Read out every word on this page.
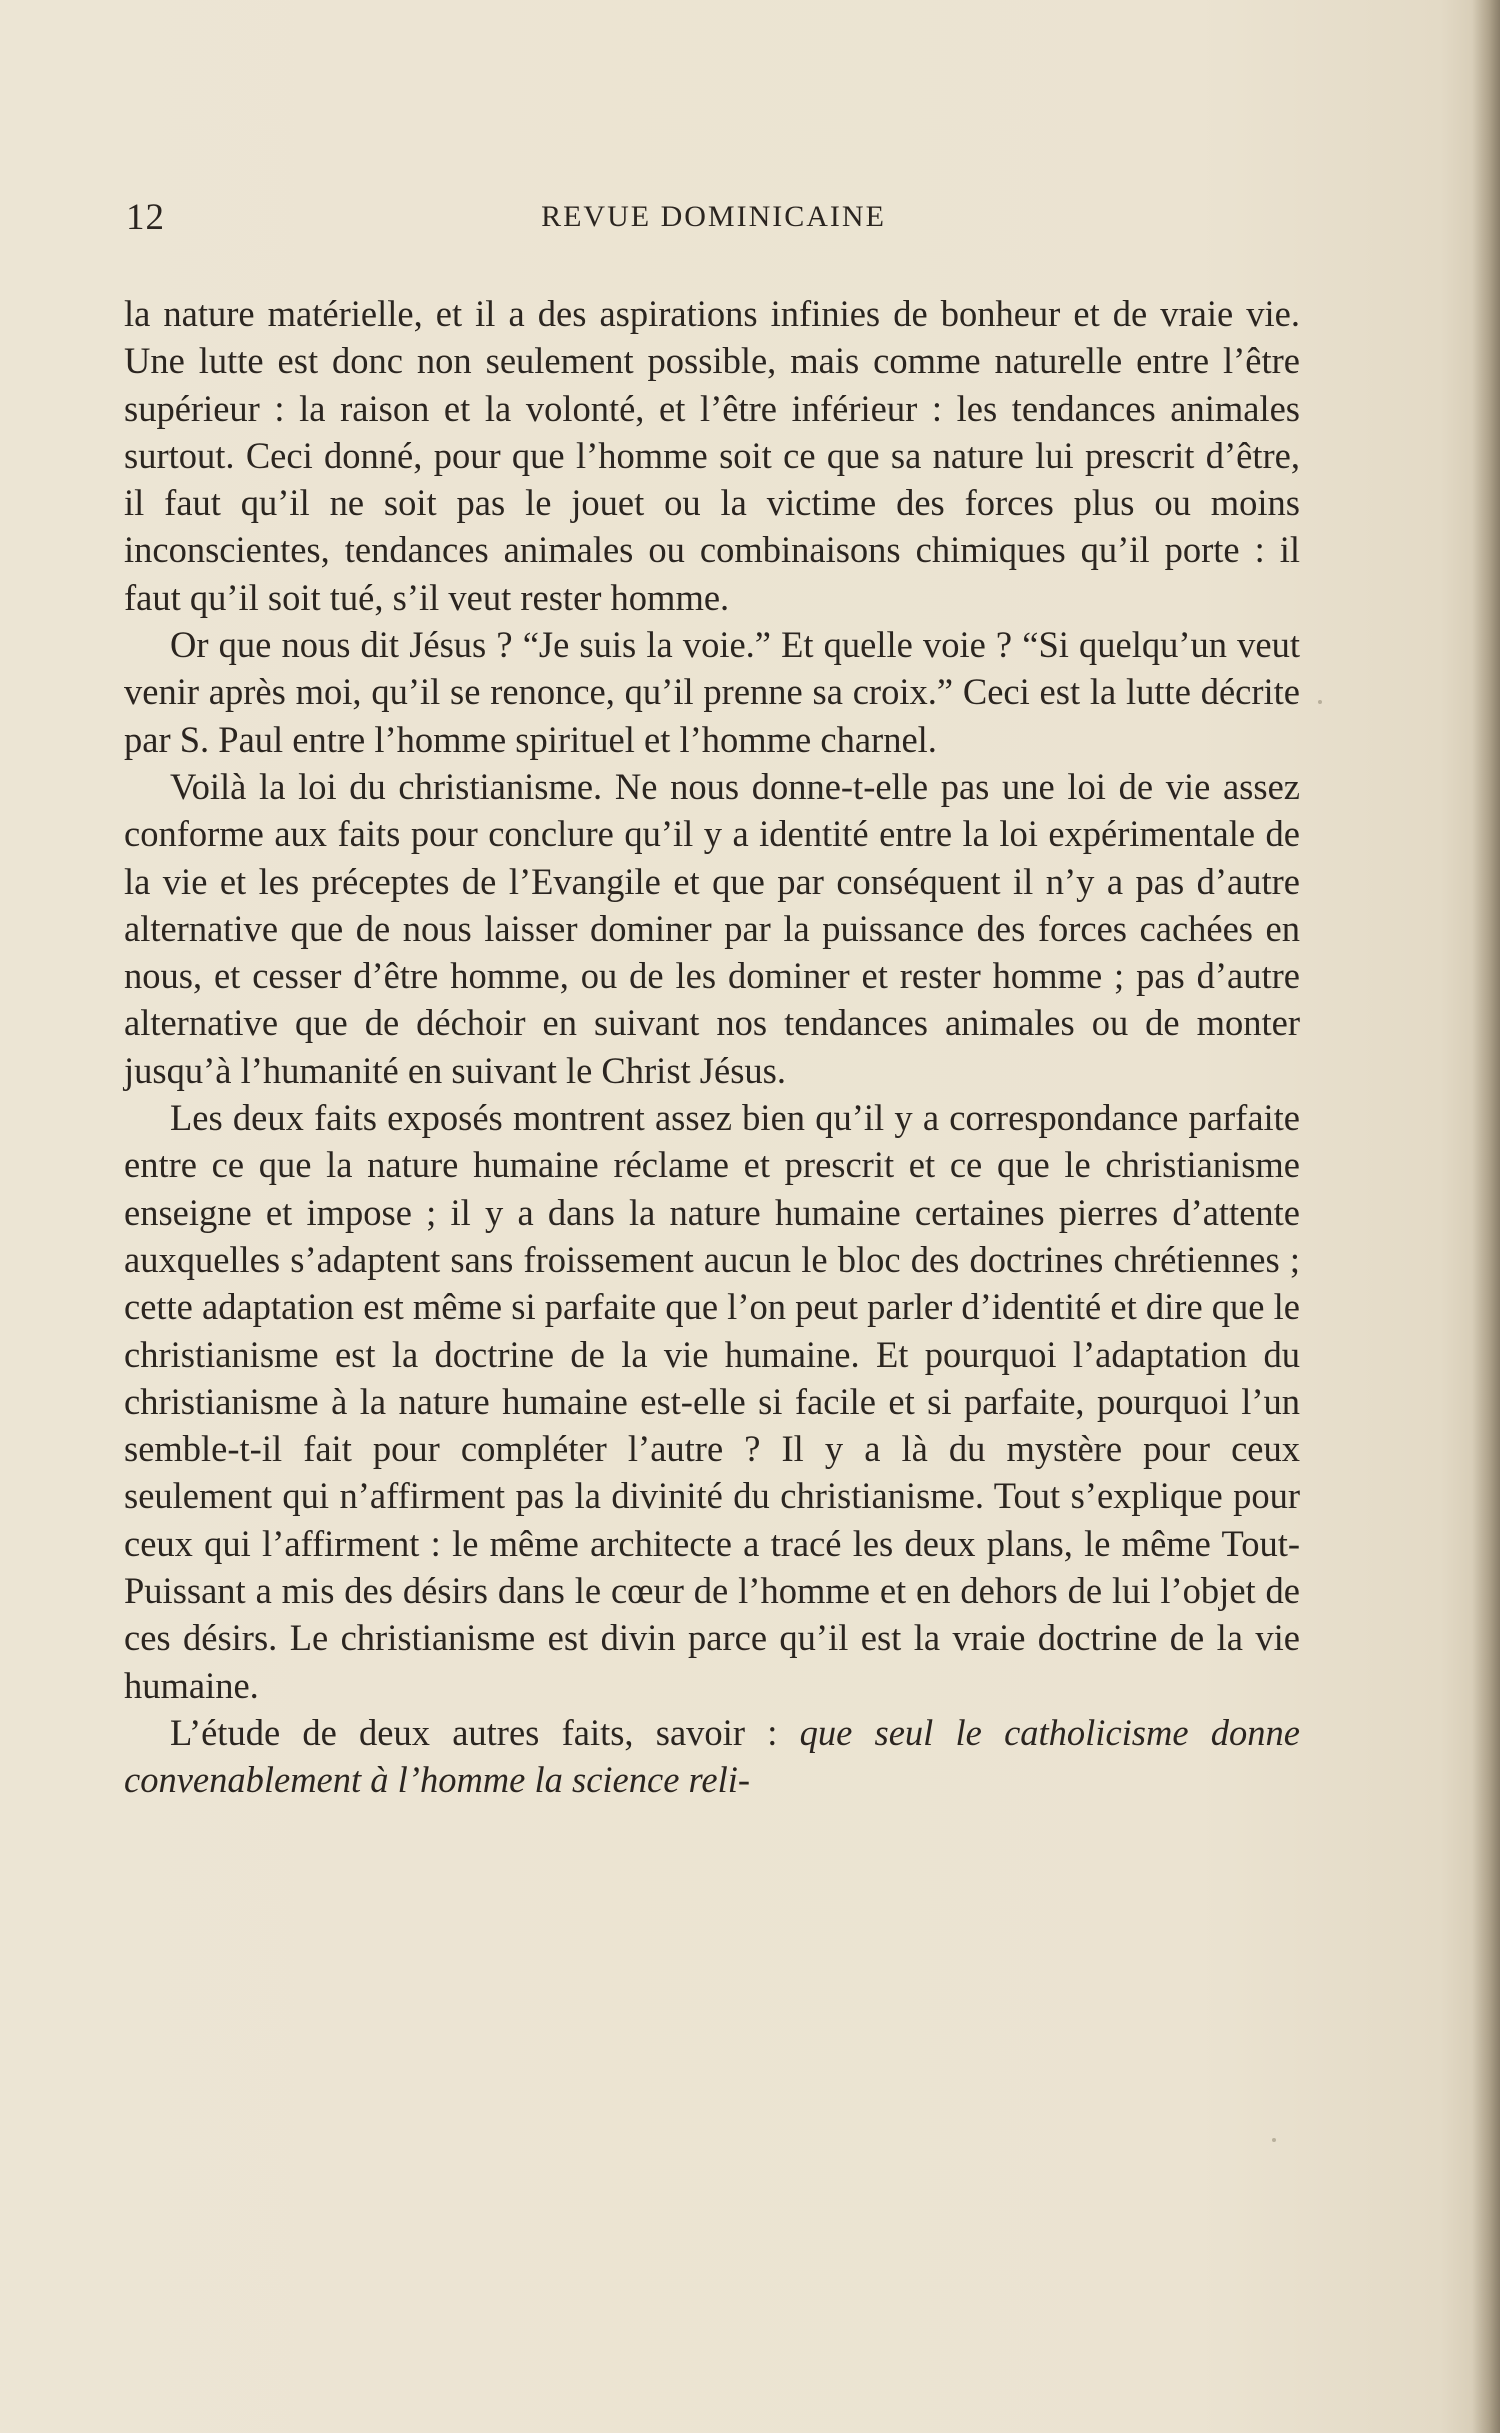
12	REVUE DOMINICAINE

la nature matérielle, et il a des aspirations infinies de bonheur et de vraie vie. Une lutte est donc non seulement possible, mais comme naturelle entre l’être supérieur : la raison et la volonté, et l’être inférieur : les tendances animales surtout. Ceci donné, pour que l’homme soit ce que sa nature lui prescrit d’être, il faut qu’il ne soit pas le jouet ou la victime des forces plus ou moins inconscientes, tendances animales ou combinaisons chimiques qu’il porte : il faut qu’il soit tué, s’il veut rester homme.

Or que nous dit Jésus ? “Je suis la voie.” Et quelle voie ? “Si quelqu’un veut venir après moi, qu’il se renonce, qu’il prenne sa croix.” Ceci est la lutte décrite par S. Paul entre l’homme spirituel et l’homme charnel.

Voilà la loi du christianisme. Ne nous donne-t-elle pas une loi de vie assez conforme aux faits pour conclure qu’il y a identité entre la loi expérimentale de la vie et les préceptes de l’Evangile et que par conséquent il n’y a pas d’autre alternative que de nous laisser dominer par la puissance des forces cachées en nous, et cesser d’être homme, ou de les dominer et rester homme ; pas d’autre alternative que de déchoir en suivant nos tendances animales ou de monter jusqu’à l’humanité en suivant le Christ Jésus.

Les deux faits exposés montrent assez bien qu’il y a correspondance parfaite entre ce que la nature humaine réclame et prescrit et ce que le christianisme enseigne et impose ; il y a dans la nature humaine certaines pierres d’attente auxquelles s’adaptent sans froissement aucun le bloc des doctrines chrétiennes ; cette adaptation est même si parfaite que l’on peut parler d’identité et dire que le christianisme est la doctrine de la vie humaine. Et pourquoi l’adaptation du christianisme à la nature humaine est-elle si facile et si parfaite, pourquoi l’un semble-t-il fait pour compléter l’autre ? Il y a là du mystère pour ceux seulement qui n’affirment pas la divinité du christianisme. Tout s’explique pour ceux qui l’affirment : le même architecte a tracé les deux plans, le même Tout-Puissant a mis des désirs dans le cœur de l’homme et en dehors de lui l’objet de ces désirs. Le christianisme est divin parce qu’il est la vraie doctrine de la vie humaine.

L’étude de deux autres faits, savoir : que seul le catholicisme donne convenablement à l’homme la science reli-
